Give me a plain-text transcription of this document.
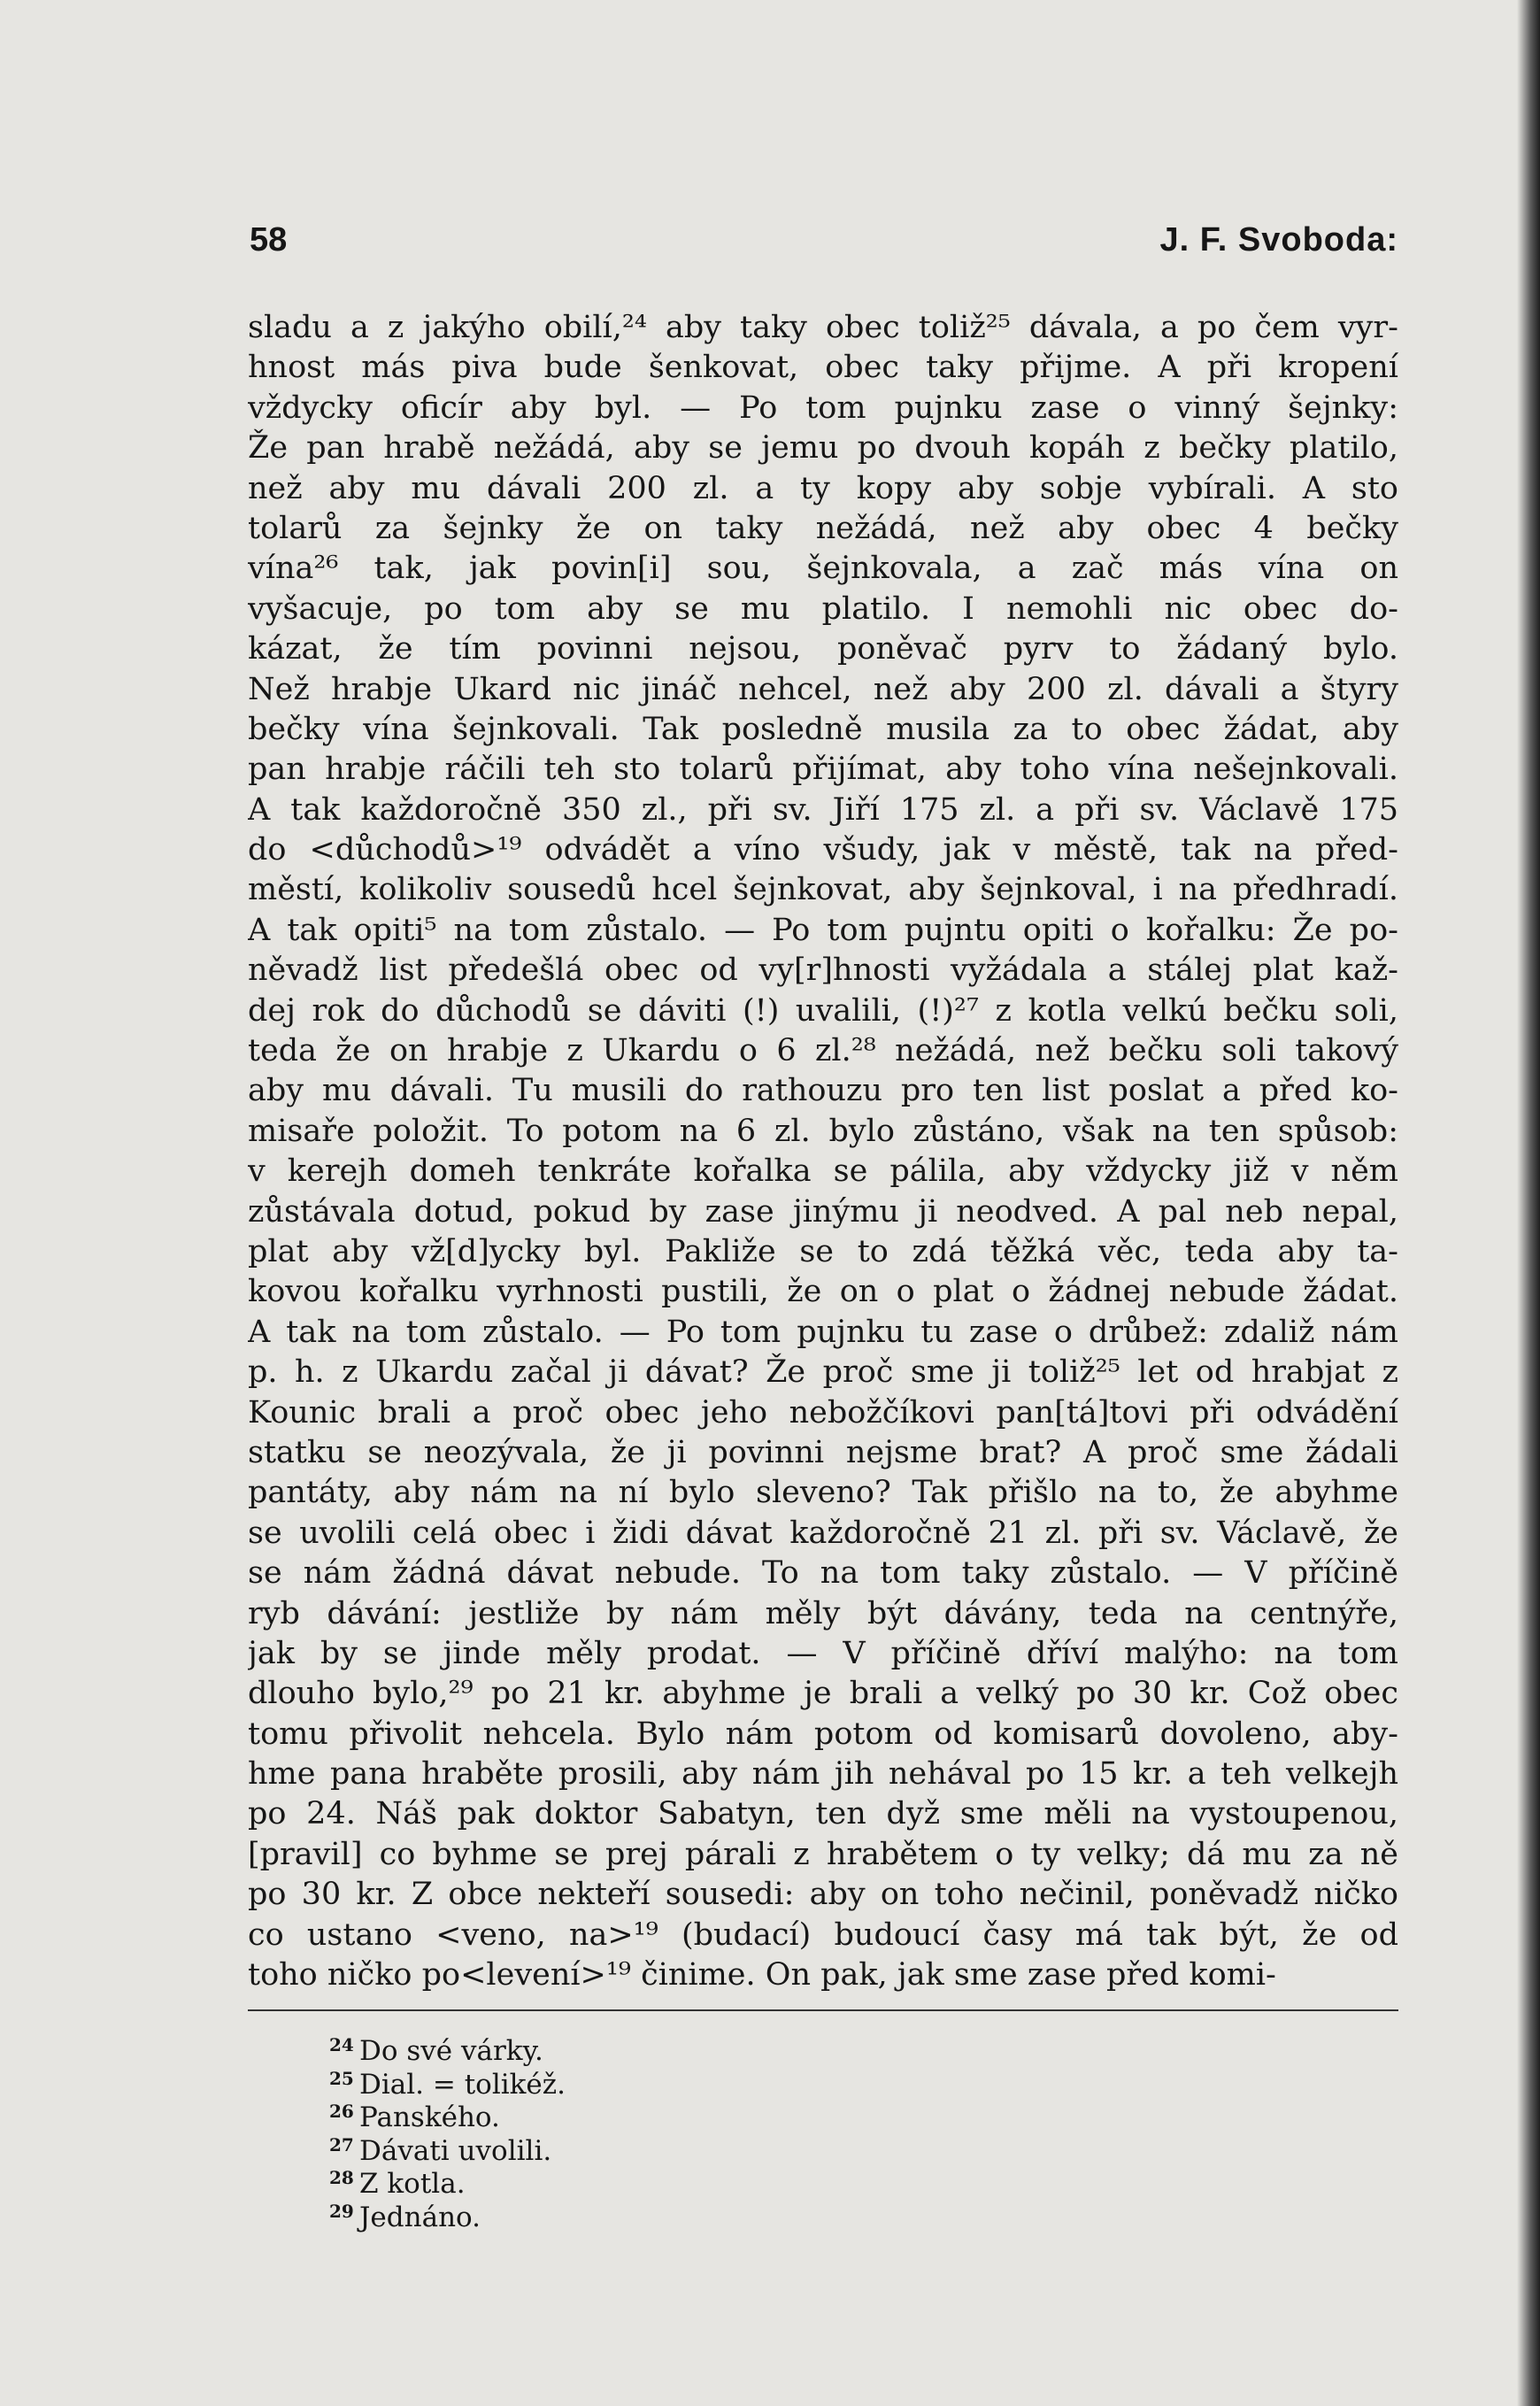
58	J. F. Svoboda:
sladu a z jakýho obilí,²⁴ aby taky obec toliž²⁵ dávala, a po čem vyr-
hnost más piva bude šenkovat, obec taky přijme. A při kropení
vždycky oficír aby byl. — Po tom pujnku zase o vinný šejnky:
Že pan hrabě nežádá, aby se jemu po dvouh kopáh z bečky platilo,
než aby mu dávali 200 zl. a ty kopy aby sobje vybírali. A sto
tolarů za šejnky že on taky nežádá, než aby obec 4 bečky
vína²⁶ tak, jak povin[i] sou, šejnkovala, a zač más vína on
vyšacuje, po tom aby se mu platilo. I nemohli nic obec do-
kázat, že tím povinni nejsou, poněvač pyrv to žádaný bylo.
Než hrabje Ukard nic jináč nehcel, než aby 200 zl. dávali a štyry
bečky vína šejnkovali. Tak posledně musila za to obec žádat, aby
pan hrabje ráčili teh sto tolarů přijímat, aby toho vína nešejnkovali.
A tak každoročně 350 zl., při sv. Jiří 175 zl. a při sv. Václavě 175
do <důchodů>¹⁹ odvádět a víno všudy, jak v městě, tak na před-
městí, kolikoliv sousedů hcel šejnkovat, aby šejnkoval, i na předhradí.
A tak opiti⁵ na tom zůstalo. — Po tom pujntu opiti o kořalku: Že po-
něvadž list předešlá obec od vy[r]hnosti vyžádala a stálej plat kaž-
dej rok do důchodů se dáviti (!) uvalili, (!)²⁷ z kotla velkú bečku soli,
teda že on hrabje z Ukardu o 6 zl.²⁸ nežádá, než bečku soli takový
aby mu dávali. Tu musili do rathouzu pro ten list poslat a před ko-
misaře položit. To potom na 6 zl. bylo zůstáno, však na ten spůsob:
v kerejh domeh tenkráte kořalka se pálila, aby vždycky již v něm
zůstávala dotud, pokud by zase jinýmu ji neodved. A pal neb nepal,
plat aby vž[d]ycky byl. Pakliže se to zdá těžká věc, teda aby ta-
kovou kořalku vyrhnosti pustili, že on o plat o žádnej nebude žádat.
A tak na tom zůstalo. — Po tom pujnku tu zase o drůbež: zdaliž nám
p. h. z Ukardu začal ji dávat? Že proč sme ji toliž²⁵ let od hrabjat z
Kounic brali a proč obec jeho nebožčíkovi pan[tá]tovi při odvádění
statku se neozývala, že ji povinni nejsme brat? A proč sme žádali
pantáty, aby nám na ní bylo sleveno? Tak přišlo na to, že abyhme
se uvolili celá obec i židi dávat každoročně 21 zl. při sv. Václavě, že
se nám žádná dávat nebude. To na tom taky zůstalo. — V příčině
ryb dávání: jestliže by nám měly být dávány, teda na centnýře,
jak by se jinde měly prodat. — V příčině dříví malýho: na tom
dlouho bylo,²⁹ po 21 kr. abyhme je brali a velký po 30 kr. Což obec
tomu přivolit nehcela. Bylo nám potom od komisarů dovoleno, aby-
hme pana hraběte prosili, aby nám jih nehával po 15 kr. a teh velkejh
po 24. Náš pak doktor Sabatyn, ten dyž sme měli na vystoupenou,
[pravil] co byhme se prej párali z hrabětem o ty velky; dá mu za ně
po 30 kr. Z obce nekteří sousedi: aby on toho nečinil, poněvadž ničko
co ustano <veno, na>¹⁹ (budací) budoucí časy má tak být, že od
toho ničko po<levení>¹⁹ činime. On pak, jak sme zase před komi-
24 Do své várky.
25 Dial. = tolikéž.
26 Panského.
27 Dávati uvolili.
28 Z kotla.
29 Jednáno.
